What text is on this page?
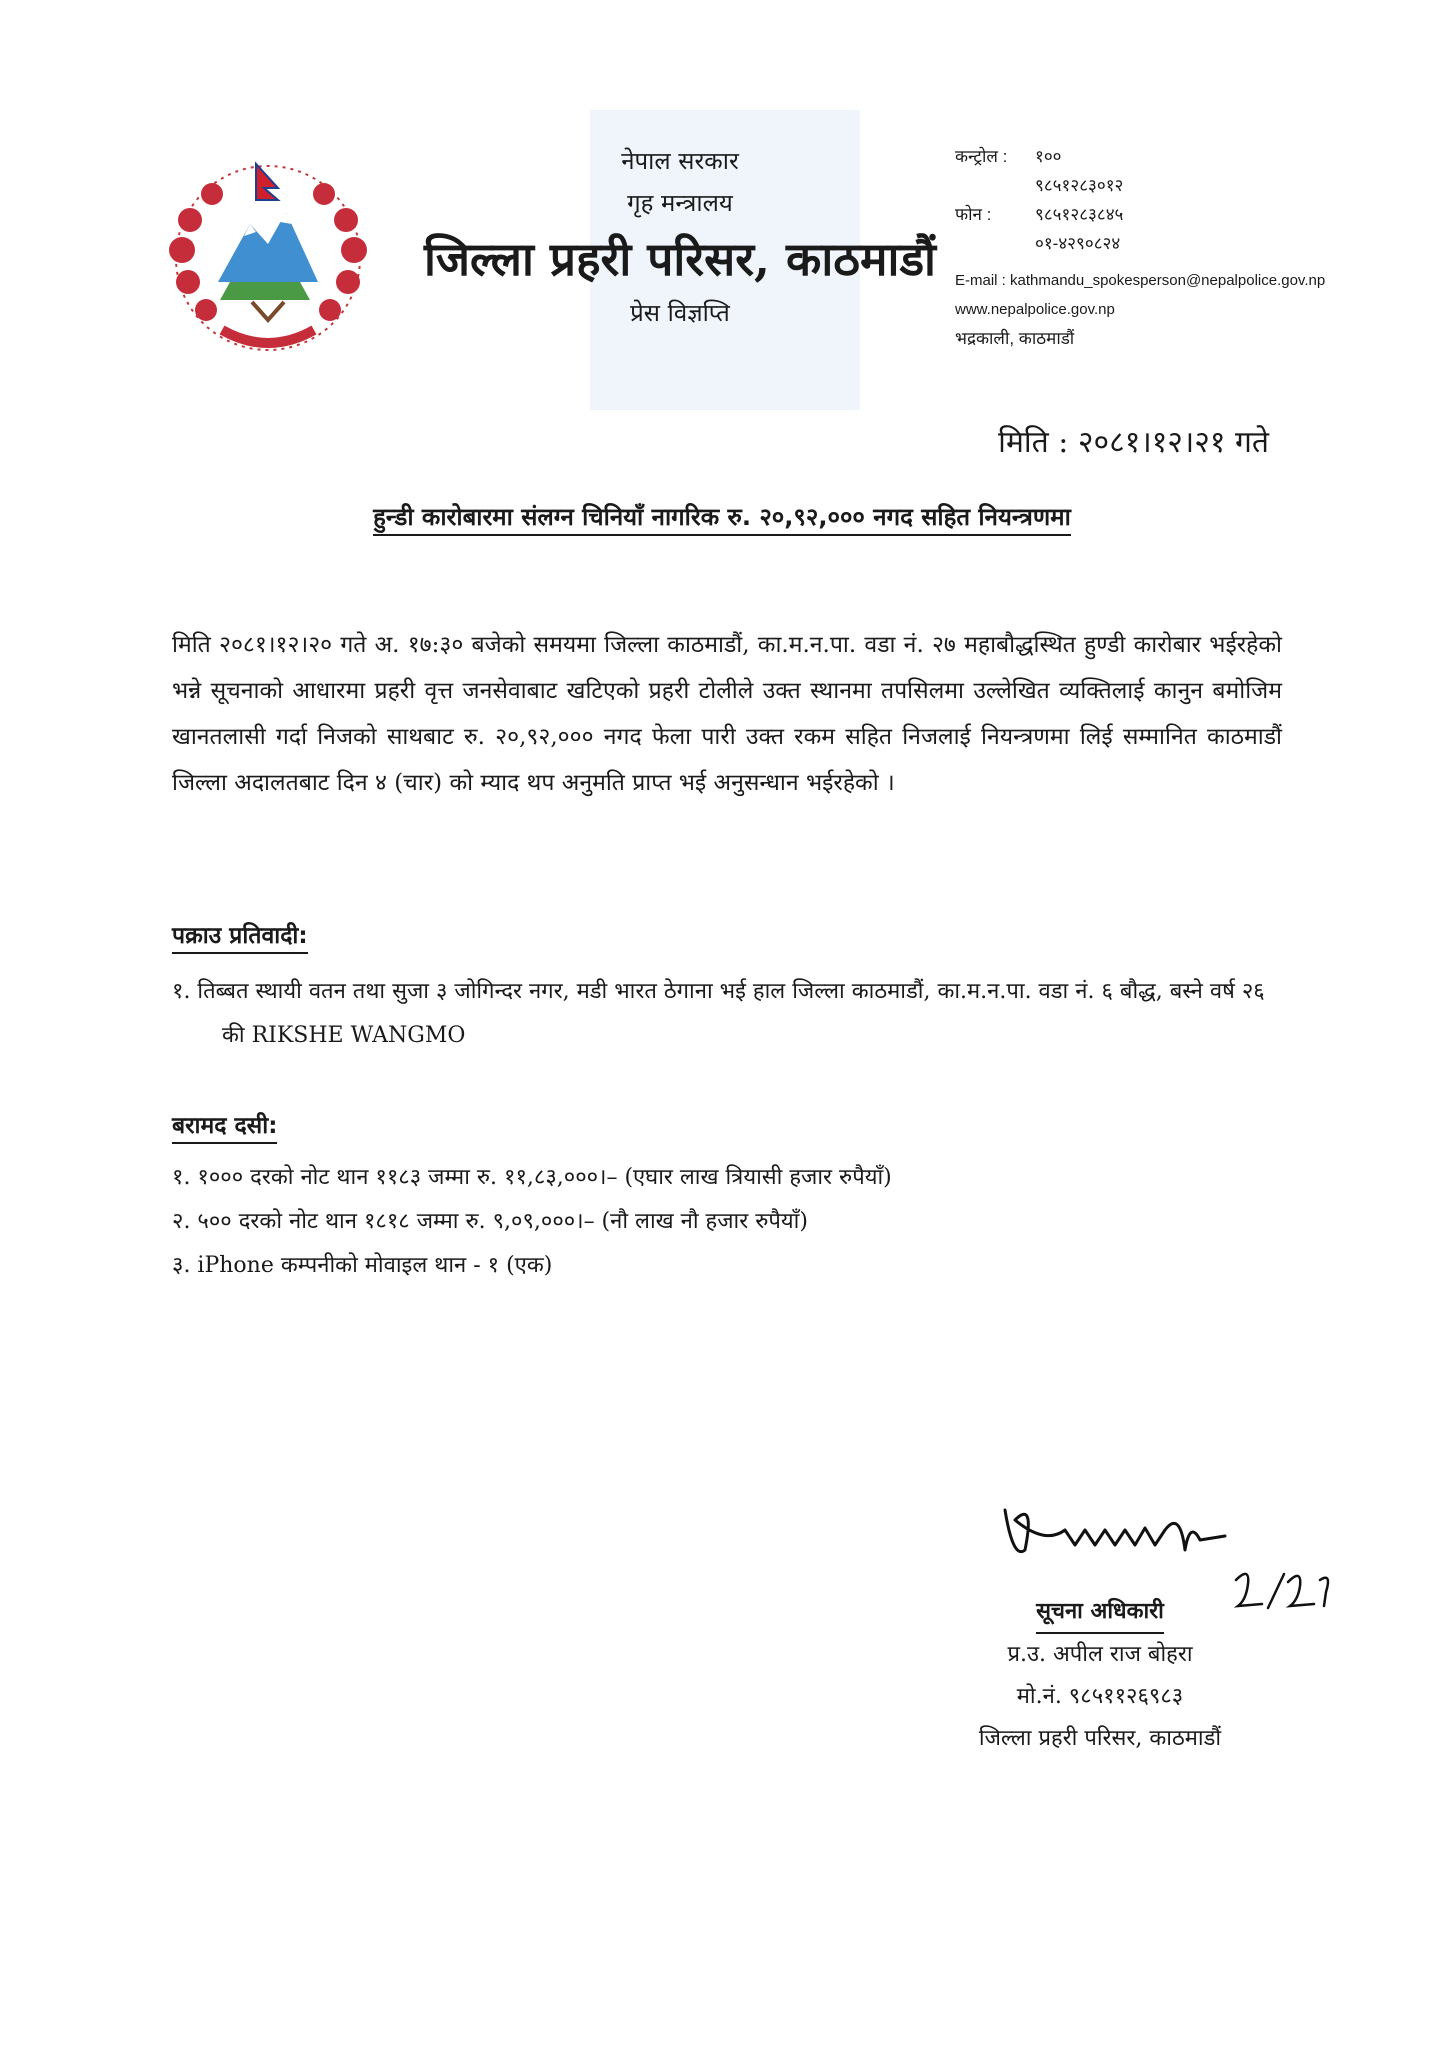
नेपाल सरकार
गृह मन्त्रालय
जिल्ला प्रहरी परिसर, काठमाडौं
प्रेस विज्ञप्ति
कन्ट्रोल :	१००
९८५१२८३०१२
फोन :	९८५१२८३८४५
०१-४२९०८२४
E-mail : kathmandu_spokesperson@nepalpolice.gov.np
www.nepalpolice.gov.np
भद्रकाली, काठमाडौं
मिति : २०८१।१२।२१ गते
हुन्डी कारोबारमा संलग्न चिनियाँ नागरिक रु. २०,९२,००० नगद सहित नियन्त्रणमा
मिति २०८१।१२।२० गते अ. १७:३० बजेको समयमा जिल्ला काठमाडौं, का.म.न.पा. वडा नं. २७ महाबौद्धस्थित हुण्डी कारोबार भईरहेको भन्ने सूचनाको आधारमा प्रहरी वृत्त जनसेवाबाट खटिएको प्रहरी टोलीले उक्त स्थानमा तपसिलमा उल्लेखित व्यक्तिलाई कानुन बमोजिम खानतलासी गर्दा निजको साथबाट रु. २०,९२,००० नगद फेला पारी उक्त रकम सहित निजलाई नियन्त्रणमा लिई सम्मानित काठमाडौं जिल्ला अदालतबाट दिन ४ (चार) को म्याद थप अनुमति प्राप्त भई अनुसन्धान भईरहेको ।
पक्राउ प्रतिवादी:
१. तिब्बत स्थायी वतन तथा सुजा ३ जोगिन्दर नगर, मडी भारत ठेगाना भई हाल जिल्ला काठमाडौं, का.म.न.पा. वडा नं. ६ बौद्ध, बस्ने वर्ष २६ की RIKSHE WANGMO
बरामद दसी:
१. १००० दरको नोट थान ११८३ जम्मा रु. ११,८३,०००।– (एघार लाख त्रियासी हजार रुपैयाँ)
२. ५०० दरको नोट थान १८१८ जम्मा रु. ९,०९,०००।– (नौ लाख नौ हजार रुपैयाँ)
३. iPhone कम्पनीको मोवाइल थान - १ (एक)
सूचना अधिकारी
प्र.उ. अपील राज बोहरा
मो.नं. ९८५११२६९८३
जिल्ला प्रहरी परिसर, काठमाडौं
